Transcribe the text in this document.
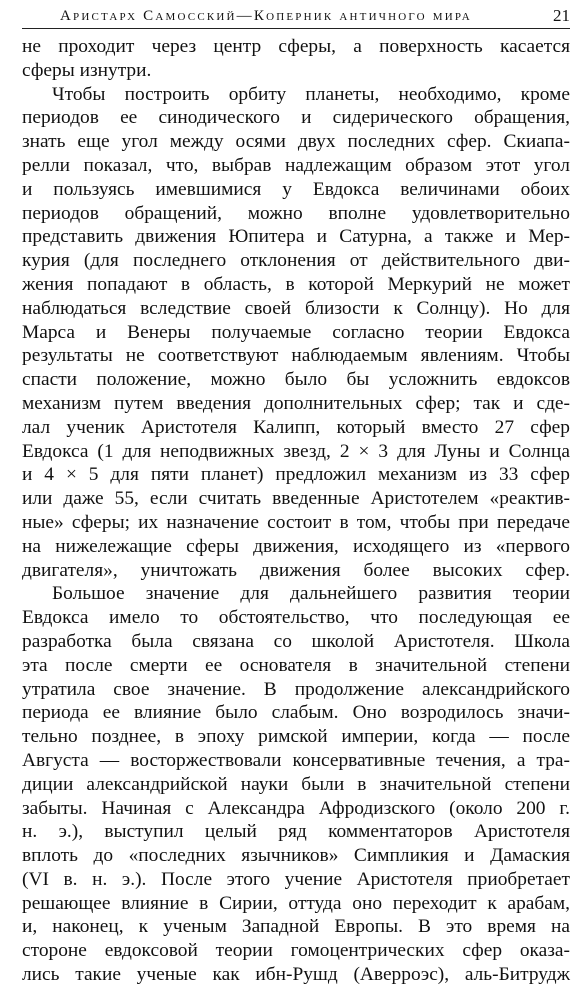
Аристарх Самосский—Коперник античного мира	21
не проходит через центр сферы, а поверхность касается
сферы изнутри.
Чтобы построить орбиту планеты, необходимо, кроме
периодов ее синодического и сидерического обращения,
знать еще угол между осями двух последних сфер. Скиапа-
релли показал, что, выбрав надлежащим образом этот угол
и пользуясь имевшимися у Евдокса величинами обоих
периодов обращений, можно вполне удовлетворительно
представить движения Юпитера и Сатурна, а также и Мер-
курия (для последнего отклонения от действительного дви-
жения попадают в область, в которой Меркурий не может
наблюдаться вследствие своей близости к Солнцу). Но для
Марса и Венеры получаемые согласно теории Евдокса
результаты не соответствуют наблюдаемым явлениям. Чтобы
спасти положение, можно было бы усложнить евдоксов
механизм путем введения дополнительных сфер; так и сде-
лал ученик Аристотеля Калипп, который вместо 27 сфер
Евдокса (1 для неподвижных звезд, 2 × 3 для Луны и Солнца
и 4 × 5 для пяти планет) предложил механизм из 33 сфер
или даже 55, если считать введенные Аристотелем «реактив-
ные» сферы; их назначение состоит в том, чтобы при передаче
на нижележащие сферы движения, исходящего из «первого
двигателя», уничтожать движения более высоких сфер.
Большое значение для дальнейшего развития теории
Евдокса имело то обстоятельство, что последующая ее
разработка была связана со школой Аристотеля. Школа
эта после смерти ее основателя в значительной степени
утратила свое значение. В продолжение александрийского
периода ее влияние было слабым. Оно возродилось значи-
тельно позднее, в эпоху римской империи, когда — после
Августа — восторжествовали консервативные течения, а тра-
диции александрийской науки были в значительной степени
забыты. Начиная с Александра Афродизского (около 200 г.
н. э.), выступил целый ряд комментаторов Аристотеля
вплоть до «последних язычников» Симпликия и Дамаския
(VI в. н. э.). После этого учение Аристотеля приобретает
решающее влияние в Сирии, оттуда оно переходит к арабам,
и, наконец, к ученым Западной Европы. В это время на
стороне евдоксовой теории гомоцентрических сфер оказа-
лись такие ученые как ибн-Рушд (Аверроэс), аль-Битрудж
